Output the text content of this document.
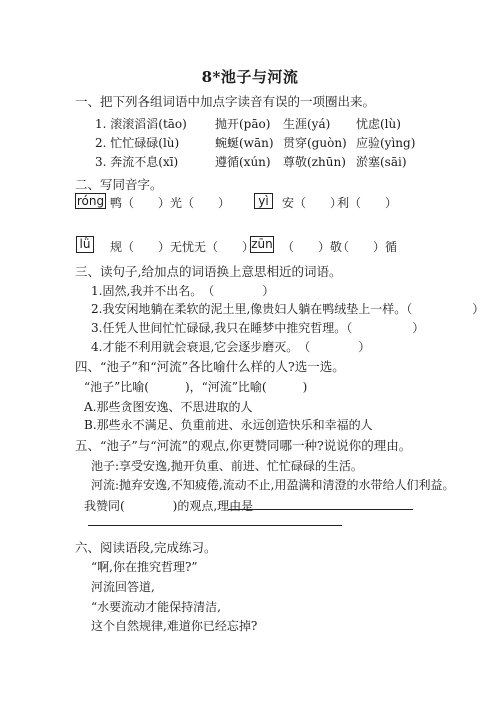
8*池子与河流
一、把下列各组词语中加点字读音有误的一项圈出来。
1. 滚滚滔滔(tāo) 抛开(pāo) 生涯(yá) 忧虑(lù)
2. 忙忙碌碌(lù)	蜿蜒(wān) 贯穿(guòn) 应验(yìng)
3. 奔流不息(xī)	遵循(xún) 尊敬(zhūn) 淤塞(sāi)
二、写同音字。
róng 鸭（　　） 光（　　）	yì	安（　　）
利（　　）
lǜ 规（　　） 无忧无（　　）
zūn （　　）敬
（　　）循
三、读句子,给加点的词语换上意思相近的词语。
1.固然,我并不出名。　（　　　　）
2.我安闲地躺在柔软的泥土里,像贵妇人躺在鸭绒垫上一样。（　　　　　）
3.任凭人世间忙忙碌碌,我只在睡梦中推究哲理。（　　　　　）
4.才能不利用就会衰退,它会逐步磨灭。　（　　　　）
四、“池子”和“河流”各比喻什么样的人?选一选。
“池子”比喻(　　　)，“河流”比喻(　　　)
A.那些贪图安逸、不思进取的人
B.那些永不满足、负重前进、永远创造快乐和幸福的人
五、“池子”与“河流”的观点,你更赞同哪一种?说说你的理由。
池子:享受安逸,抛开负重、前进、忙忙碌碌的生活。
河流:抛弃安逸,不知疲倦,流动不止,用盈满和清澄的水带给人们利益。
我赞同(　　　　)的观点,理由是
六、阅读语段,完成练习。
“啊,你在推究哲理?”
河流回答道,
“水要流动才能保持清洁,
这个自然规律,难道你已经忘掉?
